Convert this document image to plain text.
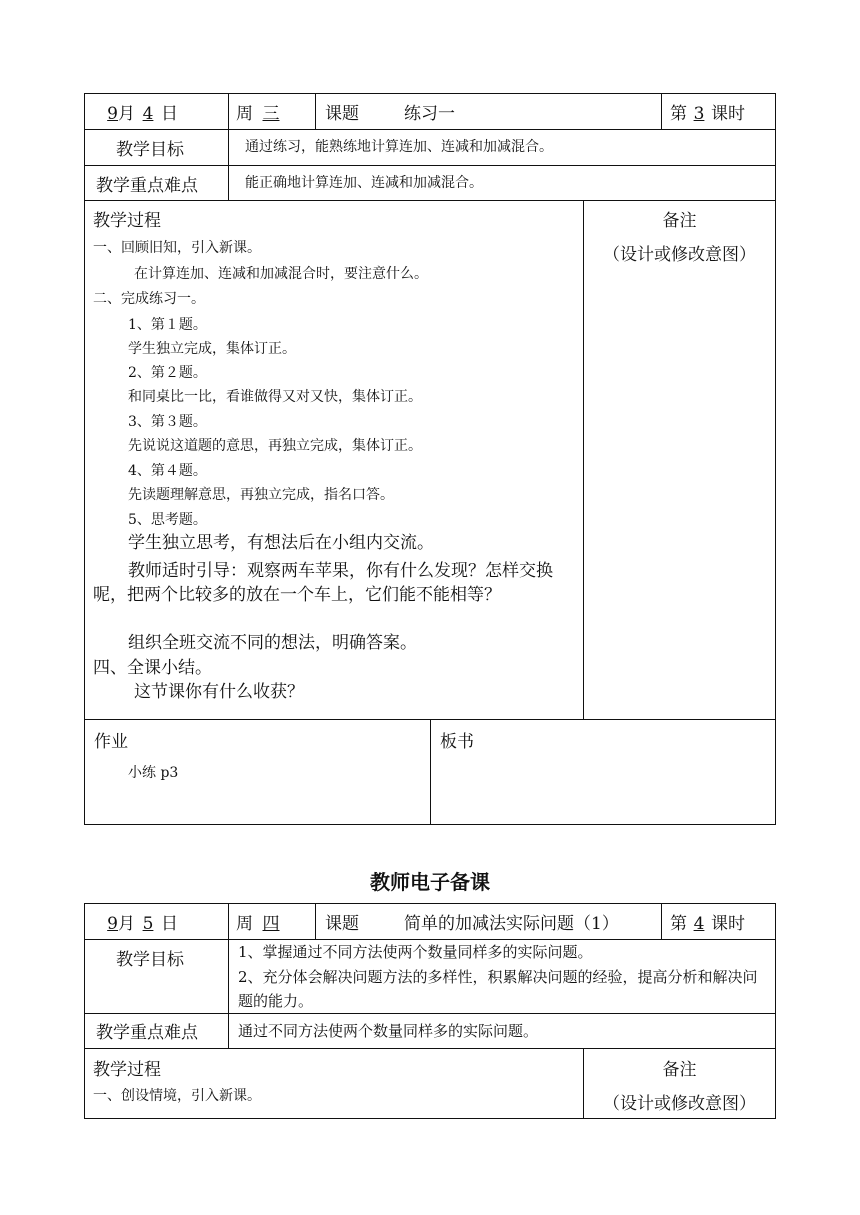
9月 4 日	周 三	课题	练习一	第 3 课时
教学目标	通过练习，能熟练地计算连加、连减和加减混合。
教学重点难点	能正确地计算连加、连减和加减混合。
教学过程
一、回顾旧知，引入新课。
在计算连加、连减和加减混合时，要注意什么。
二、完成练习一。
1、第１题。
学生独立完成，集体订正。
2、第２题。
和同桌比一比，看谁做得又对又快，集体订正。
3、第３题。
先说说这道题的意思，再独立完成，集体订正。
4、第４题。
先读题理解意思，再独立完成，指名口答。
5、思考题。
学生独立思考，有想法后在小组内交流。
教师适时引导：观察两车苹果，你有什么发现？怎样交换呢，把两个比较多的放在一个车上，它们能不能相等？
组织全班交流不同的想法，明确答案。
四、全课小结。
这节课你有什么收获？
备注
（设计或修改意图）
作业
小练 p3
板书
教师电子备课
9月 5 日	周 四	课题	简单的加减法实际问题（1）	第 4 课时
教学目标	1、掌握通过不同方法使两个数量同样多的实际问题。
2、充分体会解决问题方法的多样性，积累解决问题的经验，提高分析和解决问题的能力。
教学重点难点	通过不同方法使两个数量同样多的实际问题。
教学过程
一、创设情境，引入新课。
备注
（设计或修改意图）
